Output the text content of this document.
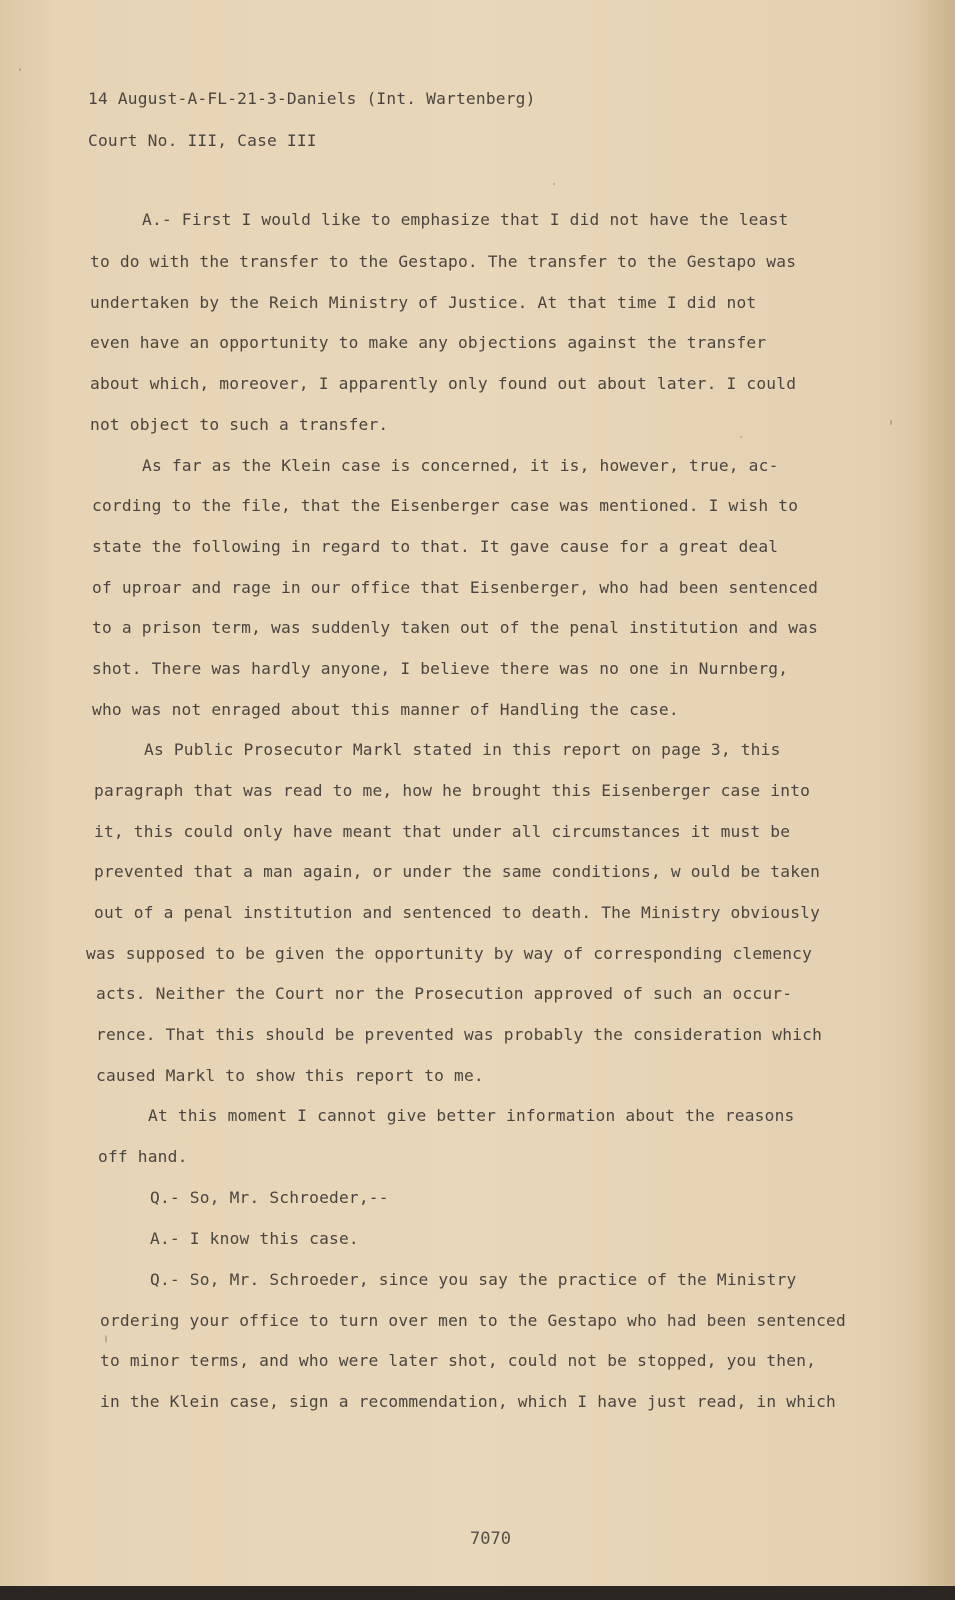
14 August-A-FL-21-3-Daniels (Int. Wartenberg)
Court No. III, Case III
A.- First I would like to emphasize that I did not have the least
to do with the transfer to the Gestapo. The transfer to the Gestapo was
undertaken by the Reich Ministry of Justice. At that time I did not
even have an opportunity to make any objections against the transfer
about which, moreover, I apparently only found out about later. I could
not object to such a transfer.
As far as the Klein case is concerned, it is, however, true, ac-
cording to the file, that the Eisenberger case was mentioned. I wish to
state the following in regard to that. It gave cause for a great deal
of uproar and rage in our office that Eisenberger, who had been sentenced
to a prison term, was suddenly taken out of the penal institution and was
shot. There was hardly anyone, I believe there was no one in Nurnberg,
who was not enraged about this manner of Handling the case.
As Public Prosecutor Markl stated in this report on page 3, this
paragraph that was read to me, how he brought this Eisenberger case into
it, this could only have meant that under all circumstances it must be
prevented that a man again, or under the same conditions, w ould be taken
out of a penal institution and sentenced to death. The Ministry obviously
was supposed to be given the opportunity by way of corresponding clemency
acts. Neither the Court nor the Prosecution approved of such an occur-
rence. That this should be prevented was probably the consideration which
caused Markl to show this report to me.
At this moment I cannot give better information about the reasons
off hand.
Q.- So, Mr. Schroeder,--
A.- I know this case.
Q.- So, Mr. Schroeder, since you say the practice of the Ministry
ordering your office to turn over men to the Gestapo who had been sentenced
to minor terms, and who were later shot, could not be stopped, you then,
in the Klein case, sign a recommendation, which I have just read, in which
7070
